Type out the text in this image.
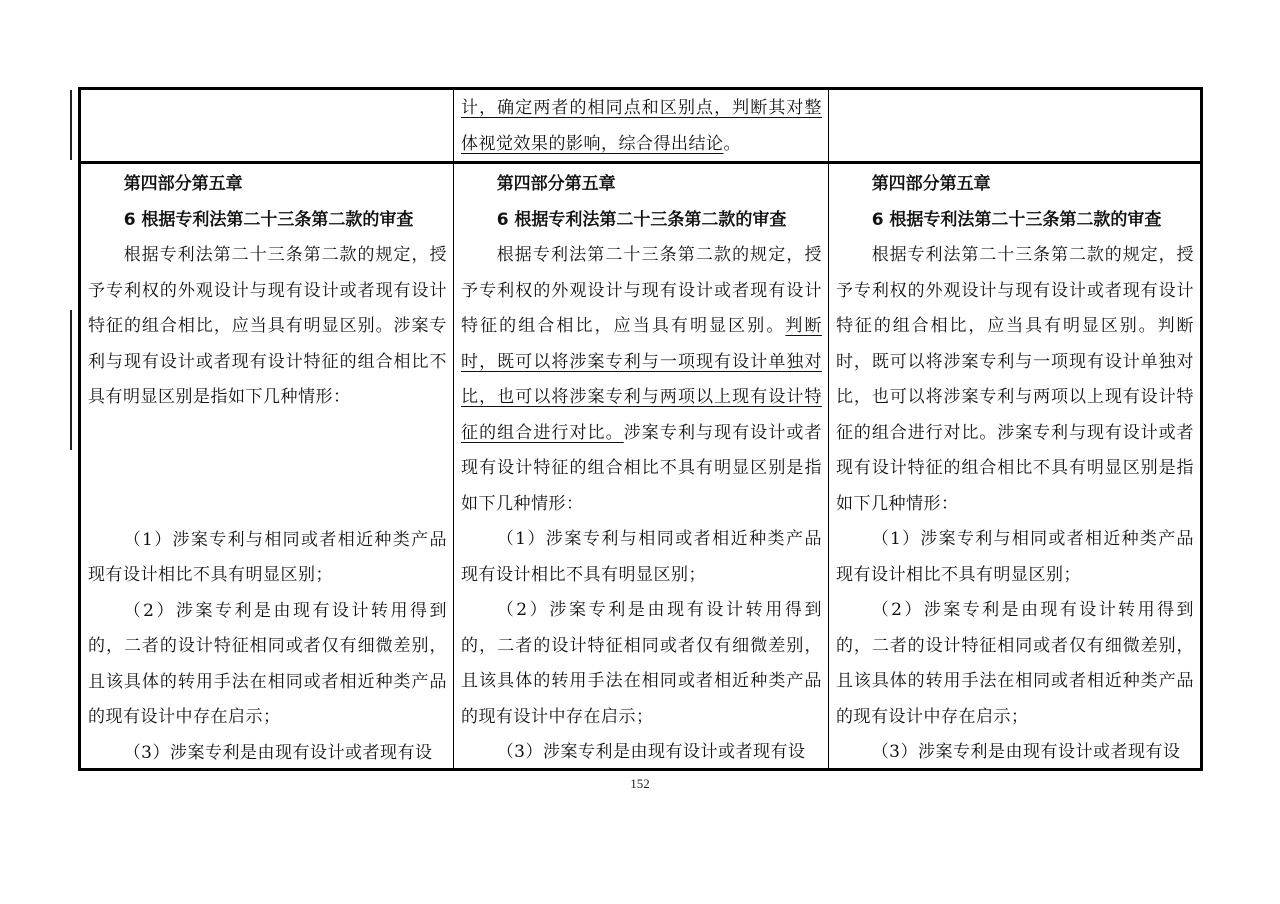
计，确定两者的相同点和区别点，判断其对整体视觉效果的影响，综合得出结论。

第四部分第五章

6 根据专利法第二十三条第二款的审查

根据专利法第二十三条第二款的规定，授予专利权的外观设计与现有设计或者现有设计特征的组合相比，应当具有明显区别。涉案专利与现有设计或者现有设计特征的组合相比不具有明显区别是指如下几种情形：

（1）涉案专利与相同或者相近种类产品现有设计相比不具有明显区别；

（2）涉案专利是由现有设计转用得到的，二者的设计特征相同或者仅有细微差别，且该具体的转用手法在相同或者相近种类产品的现有设计中存在启示；

（3）涉案专利是由现有设计或者现有设

第四部分第五章

6 根据专利法第二十三条第二款的审查

根据专利法第二十三条第二款的规定，授予专利权的外观设计与现有设计或者现有设计特征的组合相比，应当具有明显区别。判断时，既可以将涉案专利与一项现有设计单独对比，也可以将涉案专利与两项以上现有设计特征的组合进行对比。涉案专利与现有设计或者现有设计特征的组合相比不具有明显区别是指如下几种情形：

（1）涉案专利与相同或者相近种类产品现有设计相比不具有明显区别；

（2）涉案专利是由现有设计转用得到的，二者的设计特征相同或者仅有细微差别，且该具体的转用手法在相同或者相近种类产品的现有设计中存在启示；

（3）涉案专利是由现有设计或者现有设

第四部分第五章

6 根据专利法第二十三条第二款的审查

根据专利法第二十三条第二款的规定，授予专利权的外观设计与现有设计或者现有设计特征的组合相比，应当具有明显区别。判断时，既可以将涉案专利与一项现有设计单独对比，也可以将涉案专利与两项以上现有设计特征的组合进行对比。涉案专利与现有设计或者现有设计特征的组合相比不具有明显区别是指如下几种情形：

（1）涉案专利与相同或者相近种类产品现有设计相比不具有明显区别；

（2）涉案专利是由现有设计转用得到的，二者的设计特征相同或者仅有细微差别，且该具体的转用手法在相同或者相近种类产品的现有设计中存在启示；

（3）涉案专利是由现有设计或者现有设

152
